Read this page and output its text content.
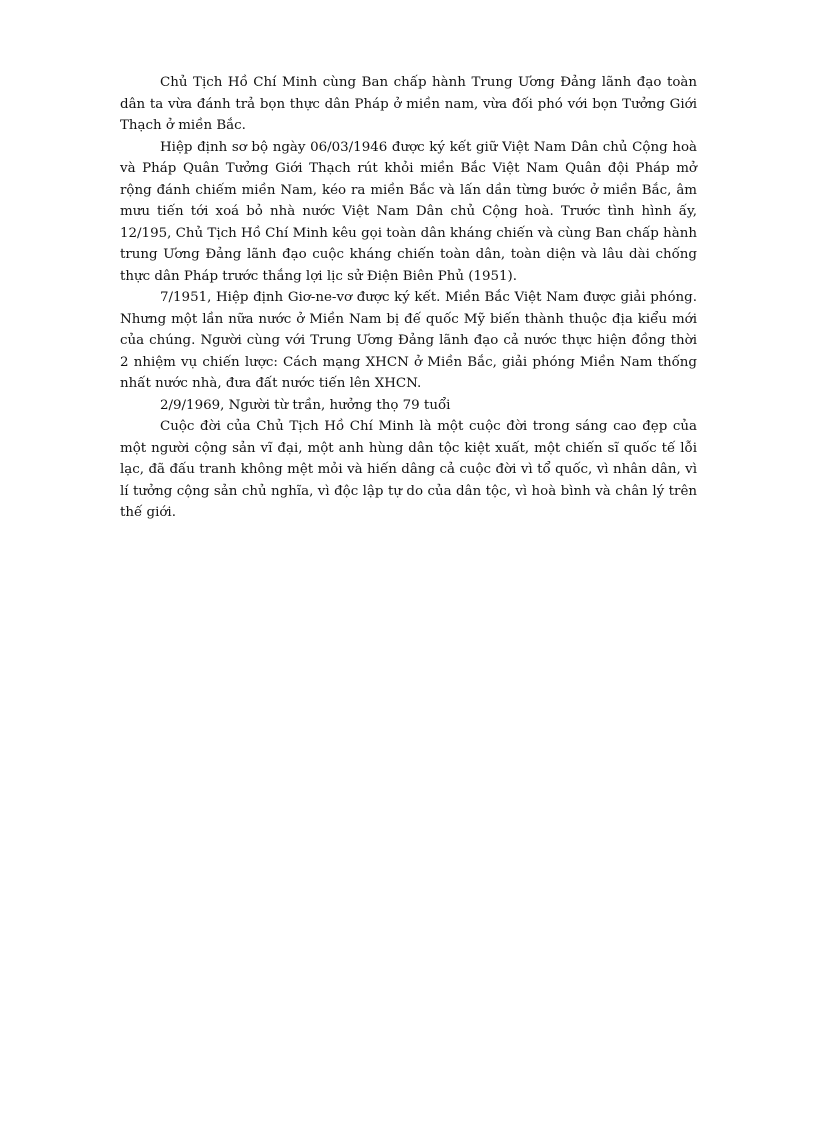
Chủ Tịch Hồ Chí Minh cùng Ban chấp hành Trung Ương Đảng lãnh đạo toàn dân ta vừa đánh trả bọn thực dân Pháp ở miền nam, vừa đối phó với bọn Tưởng Giới Thạch ở miền Bắc.

Hiệp định sơ bộ ngày 06/03/1946 được ký kết giữ Việt Nam Dân chủ Cộng hoà và Pháp Quân Tưởng Giới Thạch rút khỏi miền Bắc Việt Nam Quân đội Pháp mở rộng đánh chiếm miền Nam, kéo ra miền Bắc và lấn dần từng bước ở miền Bắc, âm mưu tiến tới xoá bỏ nhà nước Việt Nam Dân chủ Cộng hoà. Trước tình hình ấy, 12/195, Chủ Tịch Hồ Chí Minh kêu gọi toàn dân kháng chiến và cùng Ban chấp hành trung Ương Đảng lãnh đạo cuộc kháng chiến toàn dân, toàn diện và lâu dài chống thực dân Pháp trước thắng lợi lịc sử Điện Biên Phủ (1951).

7/1951, Hiệp định Giơ-ne-vơ được ký kết. Miền Bắc Việt Nam được giải phóng. Nhưng một lần nữa nước ở Miền Nam bị đế quốc Mỹ biến thành thuộc địa kiểu mới của chúng. Người cùng với Trung Ương Đảng lãnh đạo cả nước thực hiện đồng thời 2 nhiệm vụ chiến lược: Cách mạng XHCN ở Miền Bắc, giải phóng Miền Nam thống nhất nước nhà, đưa đất nước tiến lên XHCN.

2/9/1969, Người từ trần, hưởng thọ 79 tuổi

Cuộc đời của Chủ Tịch Hồ Chí Minh là một cuộc đời trong sáng cao đẹp của một người cộng sản vĩ đại, một anh hùng dân tộc kiệt xuất, một chiến sĩ quốc tế lỗi lạc, đã đấu tranh không mệt mỏi và hiến dâng cả cuộc đời vì tổ quốc, vì nhân dân, vì lí tưởng cộng sản chủ nghĩa, vì độc lập tự do của dân tộc, vì hoà bình và chân lý trên thế giới.
